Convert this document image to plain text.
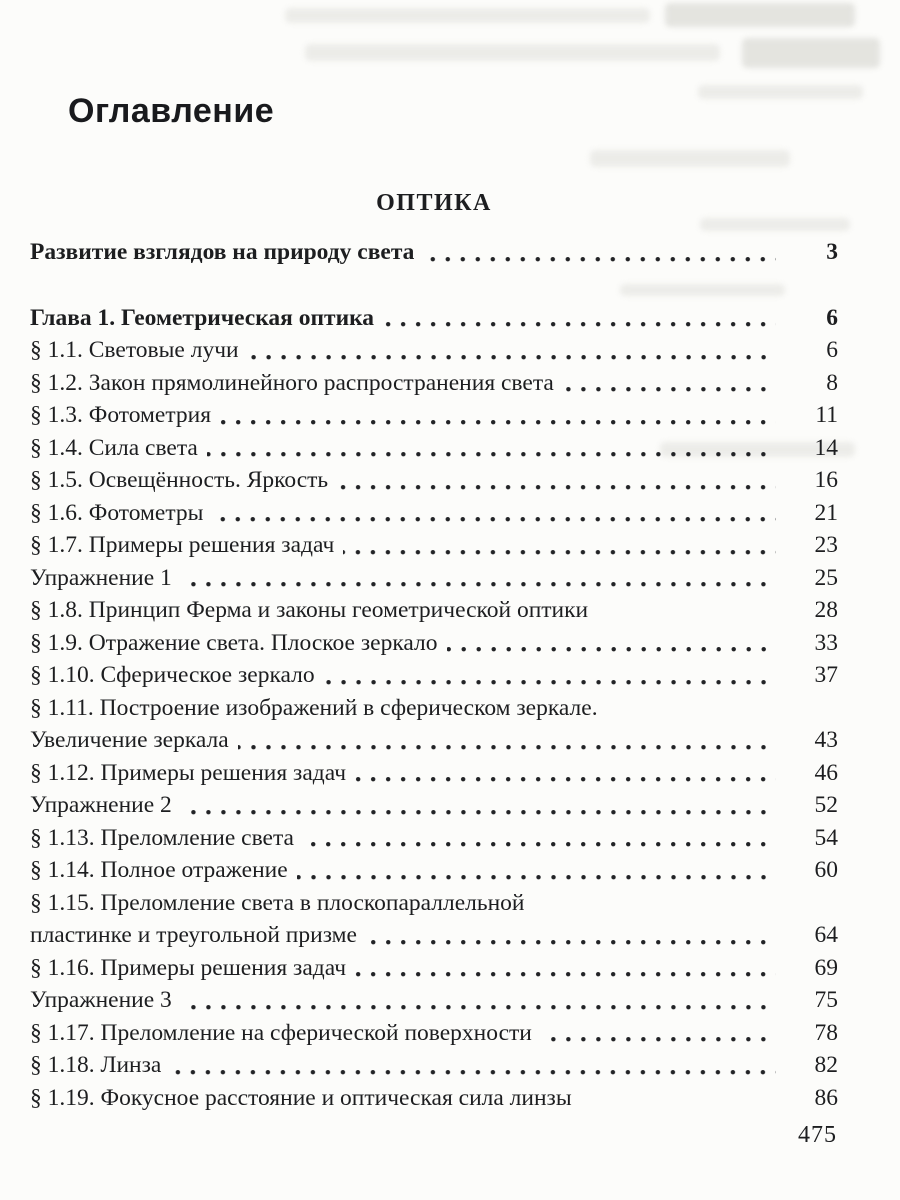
Оглавление
ОПТИКА
Развитие взглядов на природу света	3
Глава 1. Геометрическая оптика	6
§ 1.1. Световые лучи	6
§ 1.2. Закон прямолинейного распространения света	8
§ 1.3. Фотометрия	11
§ 1.4. Сила света	14
§ 1.5. Освещённость. Яркость	16
§ 1.6. Фотометры	21
§ 1.7. Примеры решения задач	23
Упражнение 1	25
§ 1.8. Принцип Ферма и законы геометрической оптики	28
§ 1.9. Отражение света. Плоское зеркало	33
§ 1.10. Сферическое зеркало	37
§ 1.11. Построение изображений в сферическом зеркале.
Увеличение зеркала	43
§ 1.12. Примеры решения задач	46
Упражнение 2	52
§ 1.13. Преломление света	54
§ 1.14. Полное отражение	60
§ 1.15. Преломление света в плоскопараллельной
пластинке и треугольной призме	64
§ 1.16. Примеры решения задач	69
Упражнение 3	75
§ 1.17. Преломление на сферической поверхности	78
§ 1.18. Линза	82
§ 1.19. Фокусное расстояние и оптическая сила линзы	86
475
